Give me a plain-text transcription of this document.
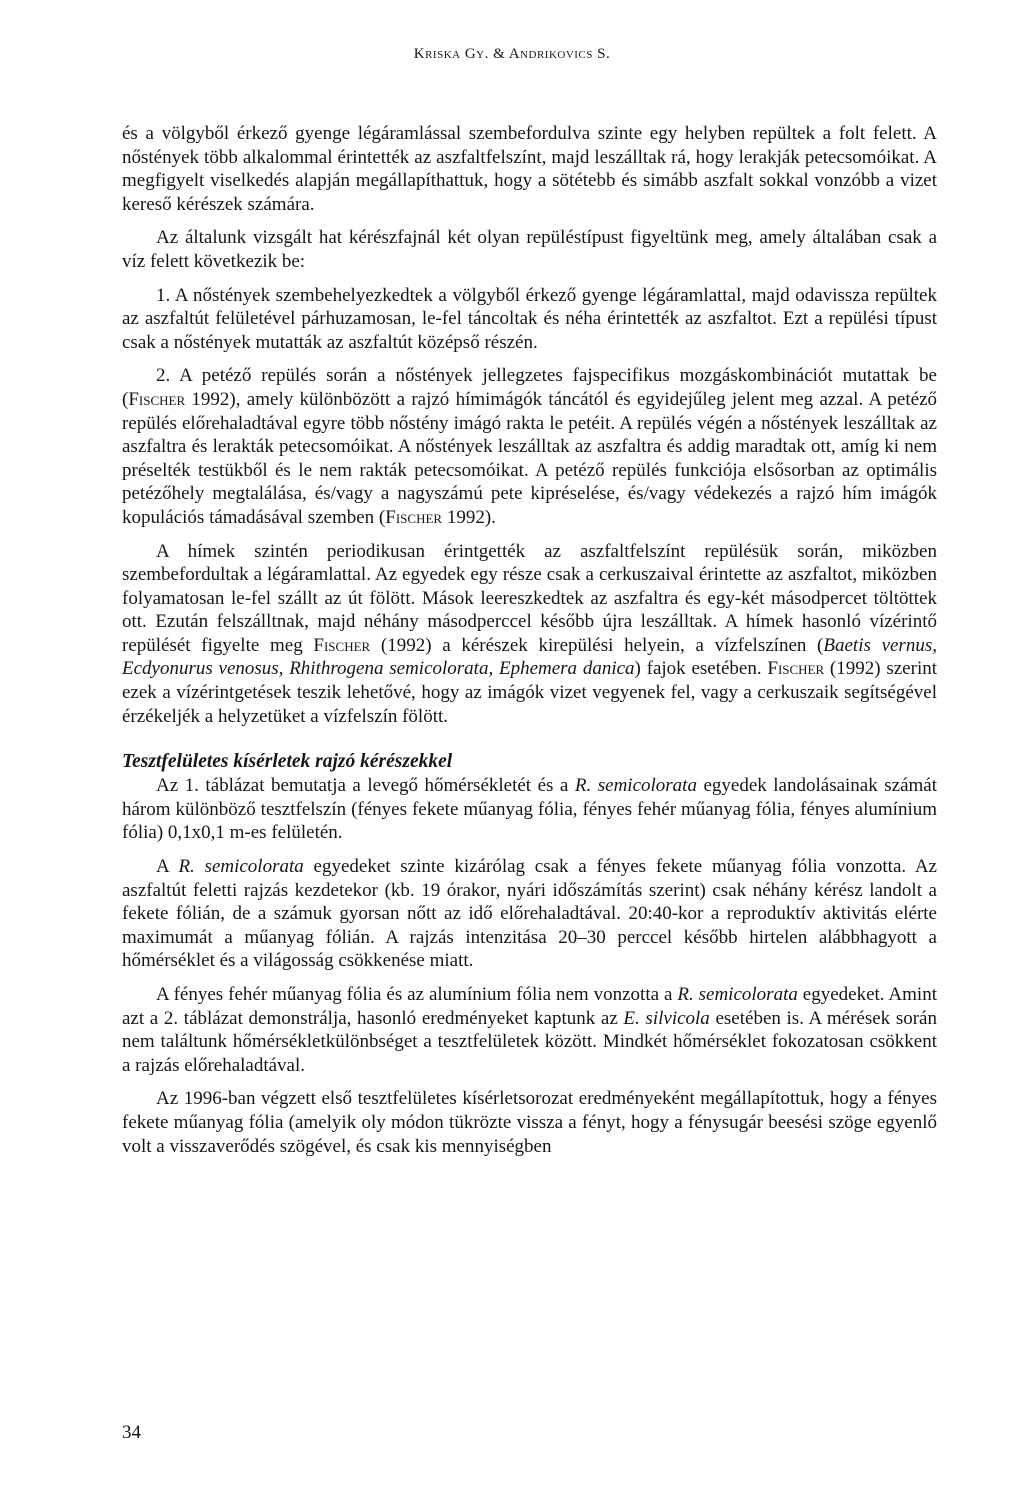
Kriska Gy. & Andrikovics S.

és a völgyből érkező gyenge légáramlással szembefordulva szinte egy helyben repültek a folt felett. A nőstények több alkalommal érintették az aszfaltfelszínt, majd leszálltak rá, hogy lerakják petecsomóikat. A megfigyelt viselkedés alapján megállapíthattuk, hogy a sötétebb és simább aszfalt sokkal vonzóbb a vizet kereső kérészek számára.

Az általunk vizsgált hat kérészfajnál két olyan repüléstípust figyeltünk meg, amely általában csak a víz felett következik be:

1. A nőstények szembehelyezkedtek a völgyből érkező gyenge légáramlattal, majd odavissza repültek az aszfaltút felületével párhuzamosan, le-fel táncoltak és néha érintették az aszfaltot. Ezt a repülési típust csak a nőstények mutatták az aszfaltút középső részén.

2. A petéző repülés során a nőstények jellegzetes fajspecifikus mozgáskombinációt mutattak be (Fischer 1992), amely különbözött a rajzó hímimágók táncától és egyidejűleg jelent meg azzal. A petéző repülés előrehaladtával egyre több nőstény imágó rakta le petéit. A repülés végén a nőstények leszálltak az aszfaltra és lerakták petecsomóikat. A nőstények leszálltak az aszfaltra és addig maradtak ott, amíg ki nem préselték testükből és le nem rakták petecsomóikat. A petéző repülés funkciója elsősorban az optimális petézőhely megtalálása, és/vagy a nagyszámú pete kipréselése, és/vagy védekezés a rajzó hím imágók kopulációs támadásával szemben (Fischer 1992).

A hímek szintén periodikusan érintgették az aszfaltfelszínt repülésük során, miközben szembefordultak a légáramlattal. Az egyedek egy része csak a cerkuszaival érintette az aszfaltot, miközben folyamatosan le-fel szállt az út fölött. Mások leereszkedtek az aszfaltra és egy-két másodpercet töltöttek ott. Ezután felszálltnak, majd néhány másodperccel később újra leszálltak. A hímek hasonló vízérintő repülését figyelte meg Fischer (1992) a kérészek kirepülési helyein, a vízfelszínen (Baetis vernus, Ecdyonurus venosus, Rhithrogena semicolorata, Ephemera danica) fajok esetében. Fischer (1992) szerint ezek a vízérintgetések teszik lehetővé, hogy az imágók vizet vegyenek fel, vagy a cerkuszaik segítségével érzékeljék a helyzetüket a vízfelszín fölött.

Tesztfelületes kísérletek rajzó kérészekkel

Az 1. táblázat bemutatja a levegő hőmérsékletét és a R. semicolorata egyedek landolásainak számát három különböző tesztfelszín (fényes fekete műanyag fólia, fényes fehér műanyag fólia, fényes alumínium fólia) 0,1x0,1 m-es felületén.

A R. semicolorata egyedeket szinte kizárólag csak a fényes fekete műanyag fólia vonzotta. Az aszfaltút feletti rajzás kezdetekor (kb. 19 órakor, nyári időszámítás szerint) csak néhány kérész landolt a fekete fólián, de a számuk gyorsan nőtt az idő előrehaladtával. 20:40-kor a reproduktív aktivitás elérte maximumát a műanyag fólián. A rajzás intenzitása 20–30 perccel később hirtelen alábbhagyott a hőmérséklet és a világosság csökkenése miatt.

A fényes fehér műanyag fólia és az alumínium fólia nem vonzotta a R. semicolorata egyedeket. Amint azt a 2. táblázat demonstrálja, hasonló eredményeket kaptunk az E. silvicola esetében is. A mérések során nem találtunk hőmérsékletkülönbséget a tesztfelületek között. Mindkét hőmérséklet fokozatosan csökkent a rajzás előrehaladtával.

Az 1996-ban végzett első tesztfelületes kísérletsorozat eredményeként megállapítottuk, hogy a fényes fekete műanyag fólia (amelyik oly módon tükrözte vissza a fényt, hogy a fénysugár beesési szöge egyenlő volt a visszaverődés szögével, és csak kis mennyiségben

34
